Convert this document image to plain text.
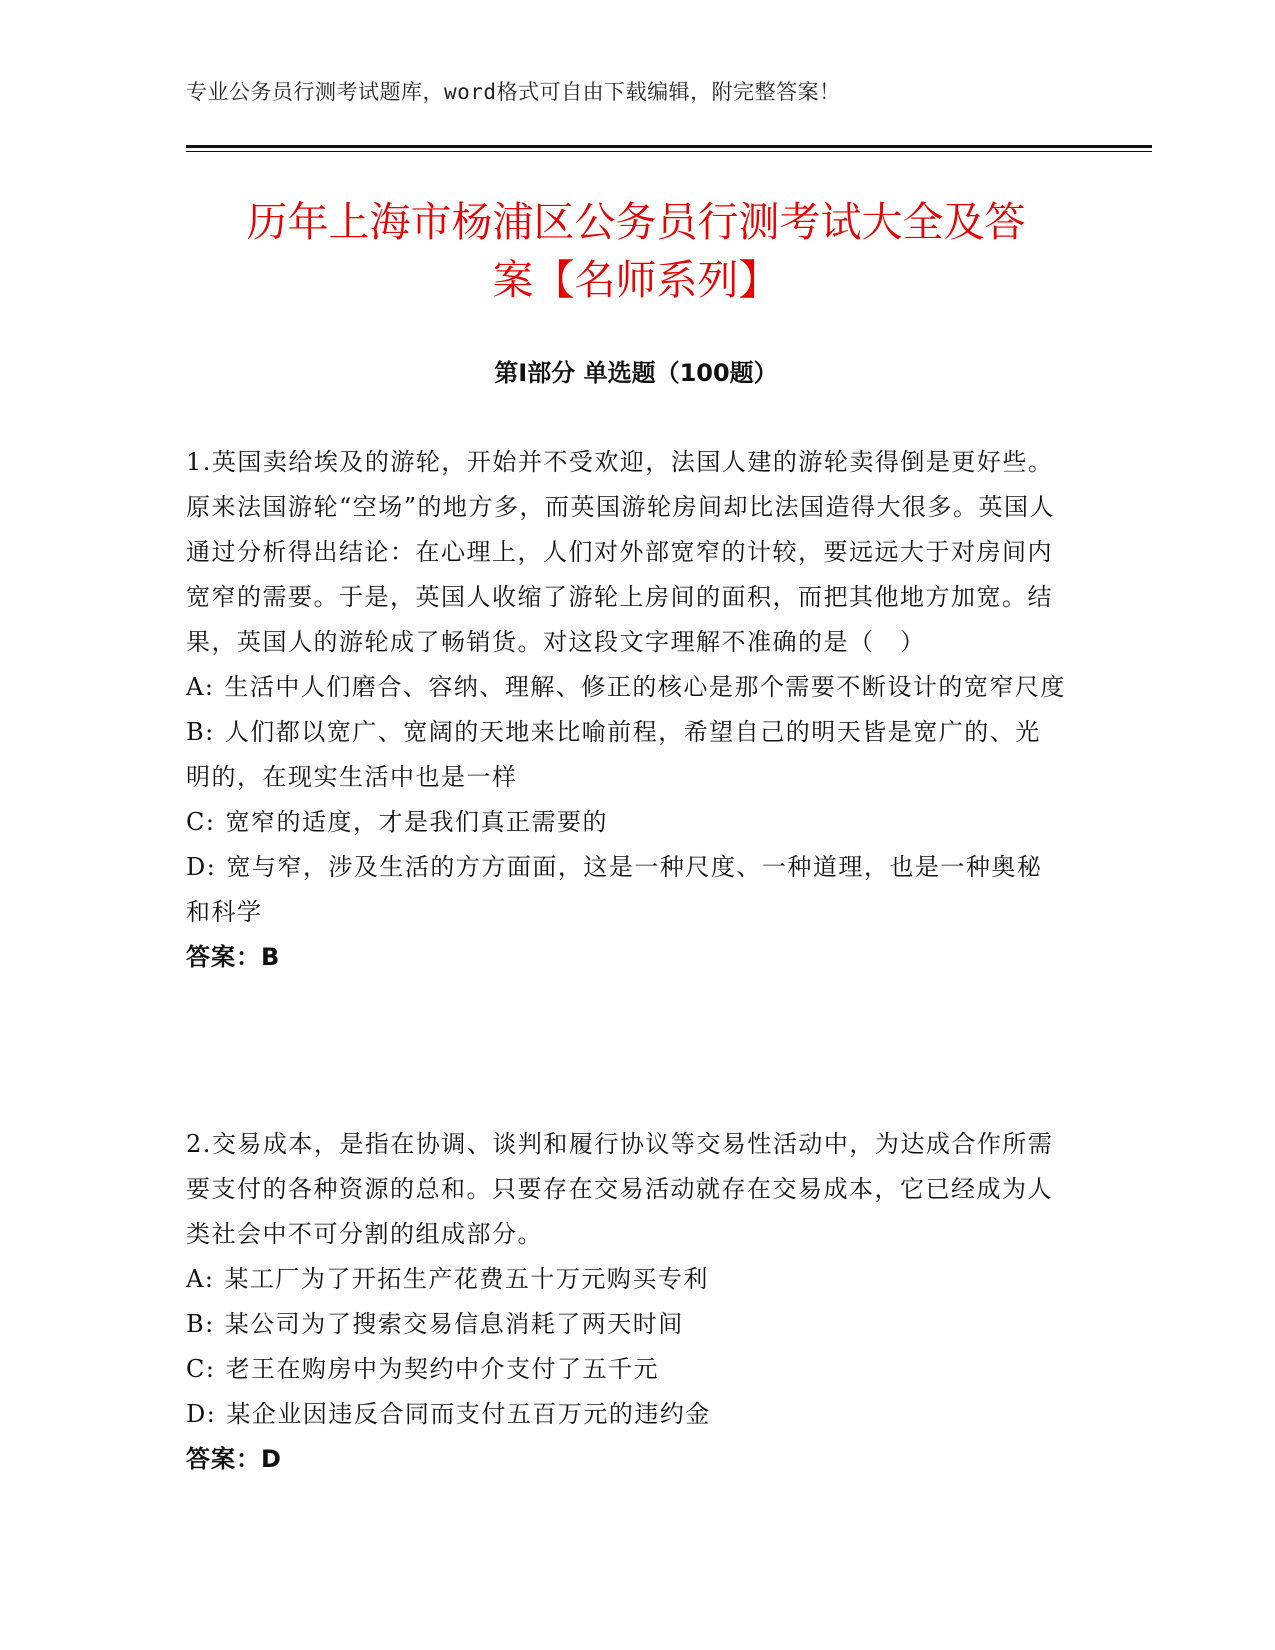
专业公务员行测考试题库，word格式可自由下载编辑，附完整答案！
历年上海市杨浦区公务员行测考试大全及答
案【名师系列】
第Ⅰ部分 单选题（100题）

1.英国卖给埃及的游轮，开始并不受欢迎，法国人建的游轮卖得倒是更好些。原来法国游轮“空场”的地方多，而英国游轮房间却比法国造得大很多。英国人通过分析得出结论：在心理上，人们对外部宽窄的计较，要远远大于对房间内宽窄的需要。于是，英国人收缩了游轮上房间的面积，而把其他地方加宽。结果，英国人的游轮成了畅销货。对这段文字理解不准确的是（　）

A: 生活中人们磨合、容纳、理解、修正的核心是那个需要不断设计的宽窄尺度

B: 人们都以宽广、宽阔的天地来比喻前程，希望自己的明天皆是宽广的、光明的，在现实生活中也是一样

C: 宽窄的适度，才是我们真正需要的

D: 宽与窄，涉及生活的方方面面，这是一种尺度、一种道理，也是一种奥秘和科学

答案：B

2.交易成本，是指在协调、谈判和履行协议等交易性活动中，为达成合作所需要支付的各种资源的总和。只要存在交易活动就存在交易成本，它已经成为人类社会中不可分割的组成部分。

A: 某工厂为了开拓生产花费五十万元购买专利

B: 某公司为了搜索交易信息消耗了两天时间

C: 老王在购房中为契约中介支付了五千元

D: 某企业因违反合同而支付五百万元的违约金

答案：D
